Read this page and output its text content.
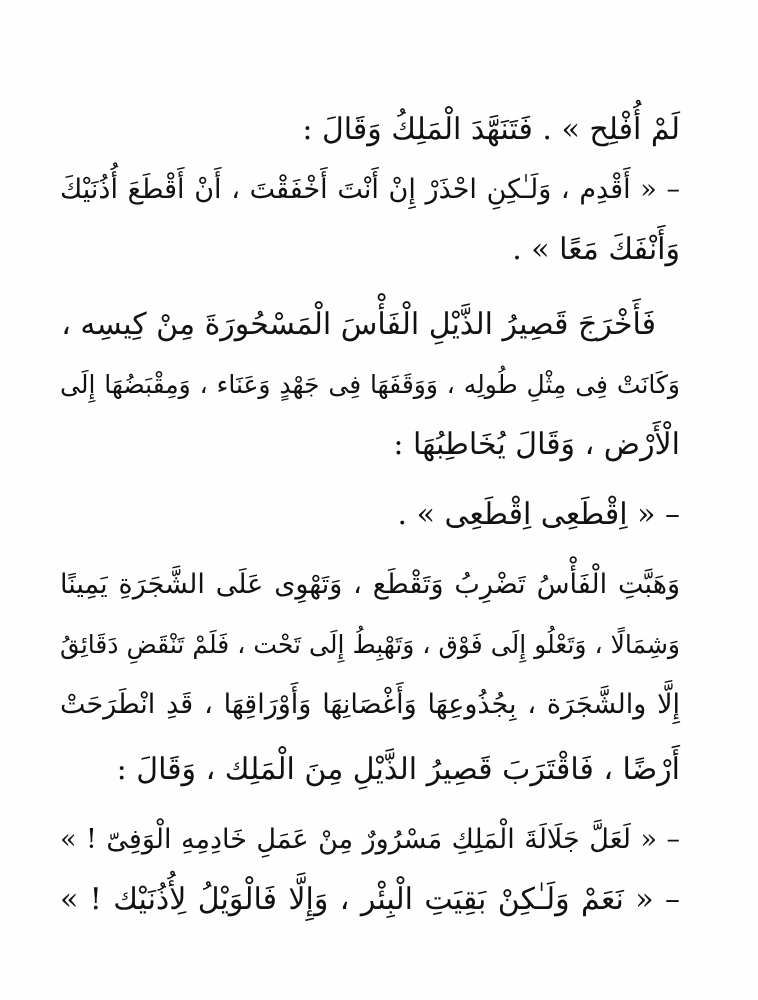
لَمْ أُفْلِح » . فَتَنَهَّدَ الْمَلِكُ وَقَالَ :
– « أَقْدِم ، وَلَـٰكِنِ احْذَرْ إِنْ أَنْتَ أَخْفَقْتَ ، أَنْ أَقْطَعَ أُذُنَيْكَ
وَأَنْفَكَ مَعًا » .
فَأَخْرَجَ قَصِيرُ الذَّيْلِ الْفَأْسَ الْمَسْحُورَةَ مِنْ كِيسِه ،
وَكَانَتْ فِى مِثْلِ طُولِه ، وَوَقَفَهَا فِى جَهْدٍ وَعَنَاء ، وَمِقْبَضُهَا إِلَى
الْأَرْض ، وَقَالَ يُخَاطِبُهَا :
– « اِقْطَعِى اِقْطَعِى » .
وَهَبَّتِ الْفَأْسُ تَضْرِبُ وَتَقْطَع ، وَتَهْوِى عَلَى الشَّجَرَةِ يَمِينًا
وَشِمَالًا ، وَتَعْلُو إِلَى فَوْق ، وَتَهْبِطُ إِلَى تَحْت ، فَلَمْ تَنْقَضِ دَقَائِقُ
إِلَّا والشَّجَرَة ، بِجُذُوعِهَا وَأَغْصَانِهَا وَأَوْرَاقِهَا ، قَدِ انْطَرَحَتْ
أَرْضًا ، فَاقْتَرَبَ قَصِيرُ الذَّيْلِ مِنَ الْمَلِك ، وَقَالَ :
– « لَعَلَّ جَلَالَةَ الْمَلِكِ مَسْرُورٌ مِنْ عَمَلِ خَادِمِهِ الْوَفِىّ ! »
– « نَعَمْ وَلَـٰكِنْ بَقِيَتِ الْبِئْر ، وَإِلَّا فَالْوَيْلُ لِأُذُنَيْك ! »
